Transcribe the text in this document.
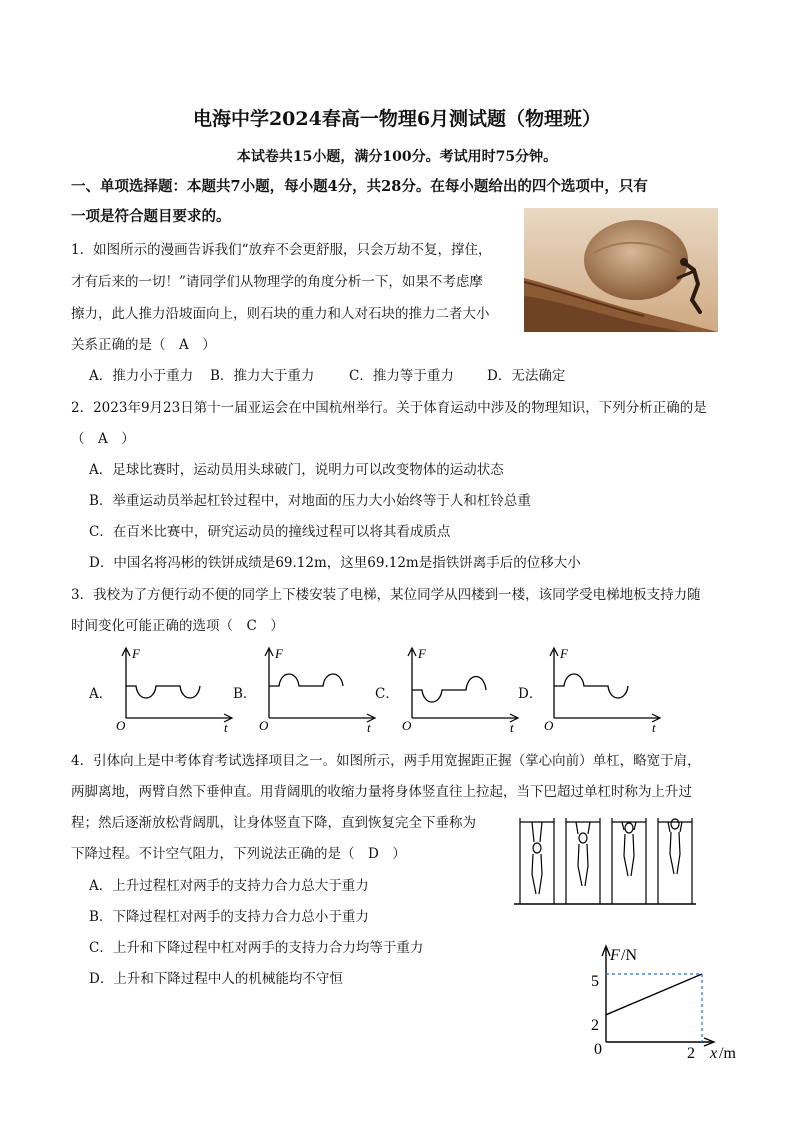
电海中学2024春高一物理6月测试题（物理班）
本试卷共15小题，满分100分。考试用时75分钟。
一、单项选择题：本题共7小题，每小题4分，共28分。在每小题给出的四个选项中，只有
一项是符合题目要求的。
1．如图所示的漫画告诉我们“放弃不会更舒服，只会万劫不复，撑住，
才有后来的一切！”请同学们从物理学的角度分析一下，如果不考虑摩
擦力，此人推力沿坡面向上，则石块的重力和人对石块的推力二者大小
关系正确的是（　A　）
A．推力小于重力 B．推力大于重力	C．推力等于重力 D．无法确定
2．2023年9月23日第十一届亚运会在中国杭州举行。关于体育运动中涉及的物理知识，下列分析正确的是
（　A　）
A．足球比赛时，运动员用头球破门，说明力可以改变物体的运动状态
B．举重运动员举起杠铃过程中，对地面的压力大小始终等于人和杠铃总重
C．在百米比赛中，研究运动员的撞线过程可以将其看成质点
D．中国名将冯彬的铁饼成绩是69.12m，这里69.12m是指铁饼离手后的位移大小
3．我校为了方便行动不便的同学上下楼安装了电梯，某位同学从四楼到一楼，该同学受电梯地板支持力随
时间变化可能正确的选项（　C　）
A．	B．	C．	D．
F
O	t
F
O	t
F
O	t
F
O	t
4．引体向上是中考体育考试选择项目之一。如图所示，两手用宽握距正握（掌心向前）单杠，略宽于肩，
两脚离地，两臂自然下垂伸直。用背阔肌的收缩力量将身体竖直往上拉起，当下巴超过单杠时称为上升过
程；然后逐渐放松背阔肌，让身体竖直下降，直到恢复完全下垂称为
下降过程。不计空气阻力，下列说法正确的是（　D　）
A．上升过程杠对两手的支持力合力总大于重力
B．下降过程杠对两手的支持力合力总小于重力
C．上升和下降过程中杠对两手的支持力合力均等于重力
D．上升和下降过程中人的机械能均不守恒
F /N
5
2
0	2 x /m
